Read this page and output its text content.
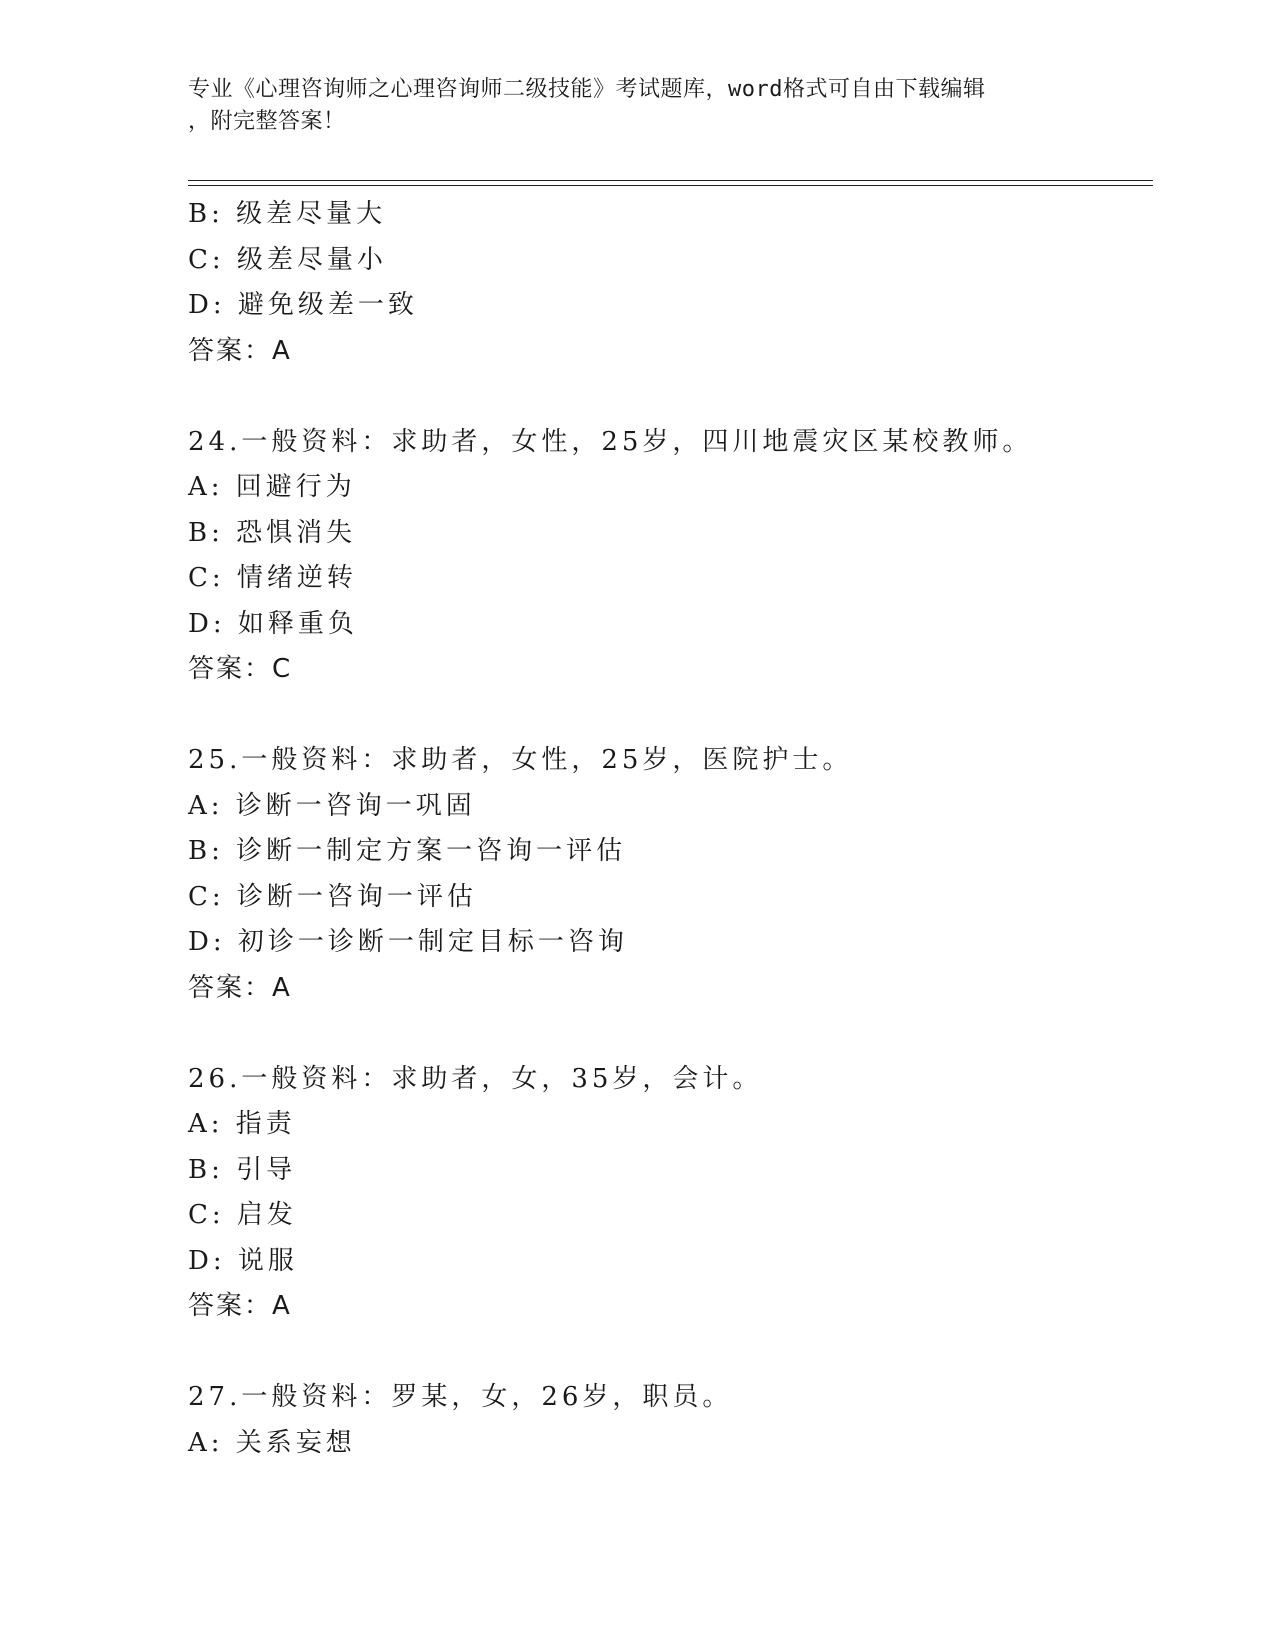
专业《心理咨询师之心理咨询师二级技能》考试题库，word格式可自由下载编辑
，附完整答案！
B: 级差尽量大
C: 级差尽量小
D: 避免级差一致
答案：A
24.一般资料：求助者，女性，25岁，四川地震灾区某校教师。
A: 回避行为
B: 恐惧消失
C: 情绪逆转
D: 如释重负
答案：C
25.一般资料：求助者，女性，25岁，医院护士。
A: 诊断一咨询一巩固
B: 诊断一制定方案一咨询一评估
C: 诊断一咨询一评估
D: 初诊一诊断一制定目标一咨询
答案：A
26.一般资料：求助者，女，35岁，会计。
A: 指责
B: 引导
C: 启发
D: 说服
答案：A
27.一般资料：罗某，女，26岁，职员。
A: 关系妄想
